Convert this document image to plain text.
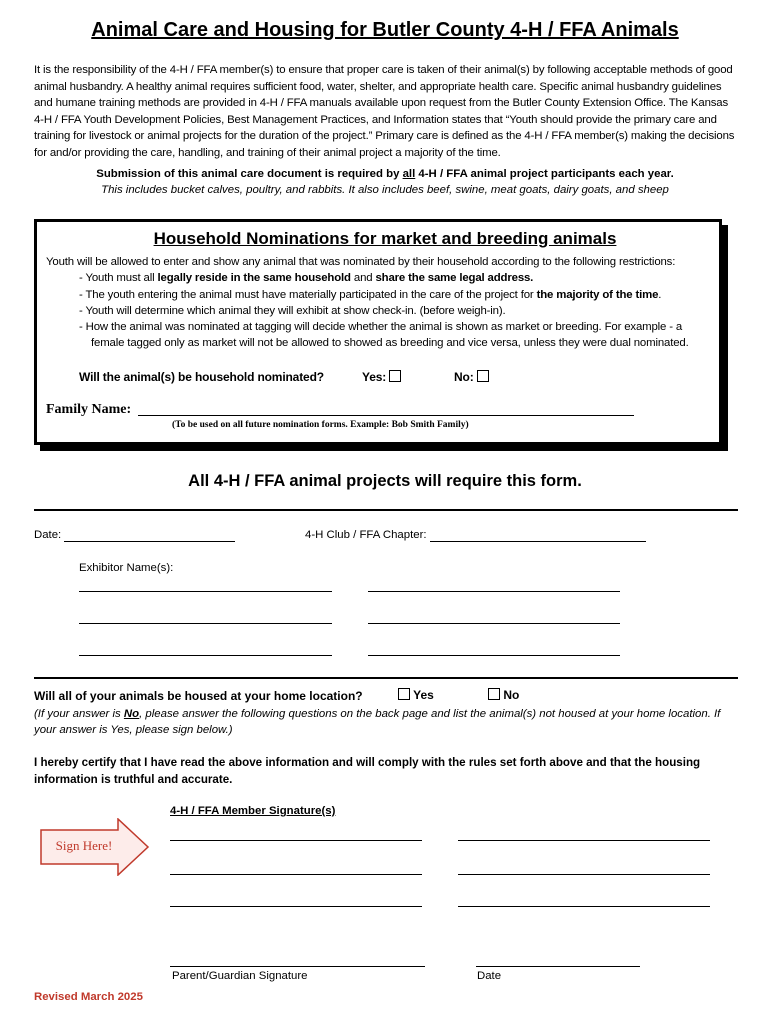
Animal Care and Housing for Butler County 4-H / FFA Animals
It is the responsibility of the 4-H / FFA member(s) to ensure that proper care is taken of their animal(s) by following acceptable methods of good animal husbandry. A healthy animal requires sufficient food, water, shelter, and appropriate health care. Specific animal husbandry guidelines and humane training methods are provided in 4-H / FFA manuals available upon request from the Butler County Extension Office. The Kansas 4-H / FFA Youth Development Policies, Best Management Practices, and Information states that “Youth should provide the primary care and training for livestock or animal projects for the duration of the project.” Primary care is defined as the 4-H / FFA member(s) making the decisions for and/or providing the care, handling, and training of their animal project a majority of the time.
Submission of this animal care document is required by all 4-H / FFA animal project participants each year.
This includes bucket calves, poultry, and rabbits. It also includes beef, swine, meat goats, dairy goats, and sheep
Household Nominations for market and breeding animals
Youth will be allowed to enter and show any animal that was nominated by their household according to the following restrictions:
- Youth must all legally reside in the same household and share the same legal address.
- The youth entering the animal must have materially participated in the care of the project for the majority of the time.
- Youth will determine which animal they will exhibit at show check-in. (before weigh-in).
- How the animal was nominated at tagging will decide whether the animal is shown as market or breeding. For example - a
female tagged only as market will not be allowed to showed as breeding and vice versa, unless they were dual nominated.
Will the animal(s) be household nominated?	Yes:	No:
Family Name:
(To be used on all future nomination forms. Example: Bob Smith Family)
All 4-H / FFA animal projects will require this form.
Date:	4-H Club / FFA Chapter:
Exhibitor Name(s):
Will all of your animals be housed at your home location?	Yes	No
(If your answer is No, please answer the following questions on the back page and list the animal(s) not housed at your home location. If your answer is Yes, please sign below.)
I hereby certify that I have read the above information and will comply with the rules set forth above and that the housing information is truthful and accurate.
4-H / FFA Member Signature(s)
Sign Here!
Parent/Guardian Signature	Date
Revised March 2025
